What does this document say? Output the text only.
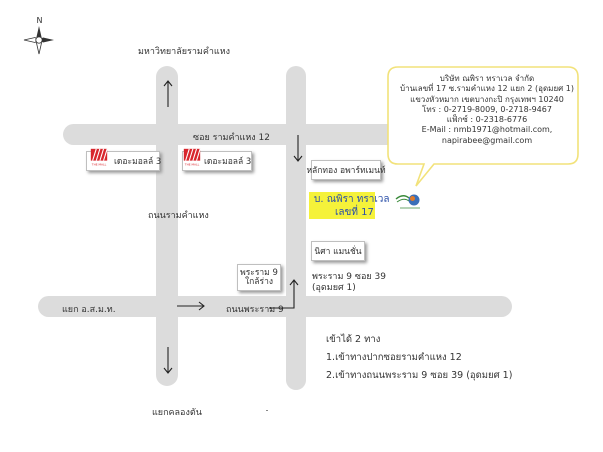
N
มหาวิทยาลัยรามคำแหง
ซอย รามคำแหง 12
ถนนรามคำแหง
ถนนพระราม 9
แยก อ.ส.ม.ท.
แยกคลองตัน
เดอะมอลล์ 3
THE MALL	เดอะมอลล์ 3
THE MALL
หลักทอง อพาร์ทเมนท์
นิศา แมนชั่น
พระราม 9
ใกล้ร่าง
บ. ณพิรา ทราเวล
เลขที่ 17
บริษัท ณพิรา ทราเวล จำกัด
บ้านเลขที่ 17 ซ.รามคำแหง 12 แยก 2 (อุดมยศ 1)
แขวงหัวหมาก เขตบางกะปิ กรุงเทพฯ 10240
โทร : 0-2719-8009, 0-2718-9467
แฟ็กซ์ : 0-2318-6776
E-Mail : nmb1971@hotmail.com,
napirabee@gmail.com
พระราม 9 ซอย 39
(อุดมยศ 1)
เข้าได้ 2 ทาง
1.เข้าทางปากซอยรามคำแหง 12
2.เข้าทางถนนพระราม 9 ซอย 39 (อุดมยศ 1)
